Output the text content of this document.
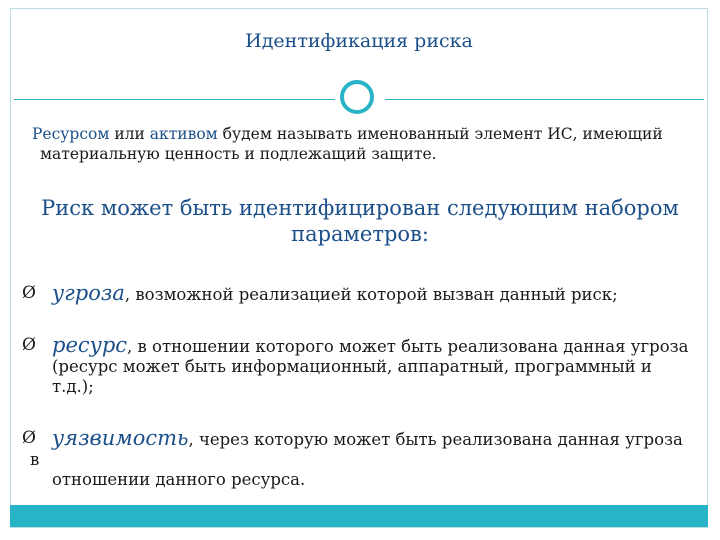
Идентификация риска
Ресурсом или активом будем называть именованный элемент ИС, имеющий
материальную ценность и подлежащий защите.
Риск может быть идентифицирован следующим набором
параметров:
Ø угроза, возможной реализацией которой вызван данный риск;
Ø ресурс, в отношении которого может быть реализована данная угроза
(ресурс может быть информационный, аппаратный, программный и
т.д.);
Ø уязвимость, через которую может быть реализована данная угроза в
отношении данного ресурса.
